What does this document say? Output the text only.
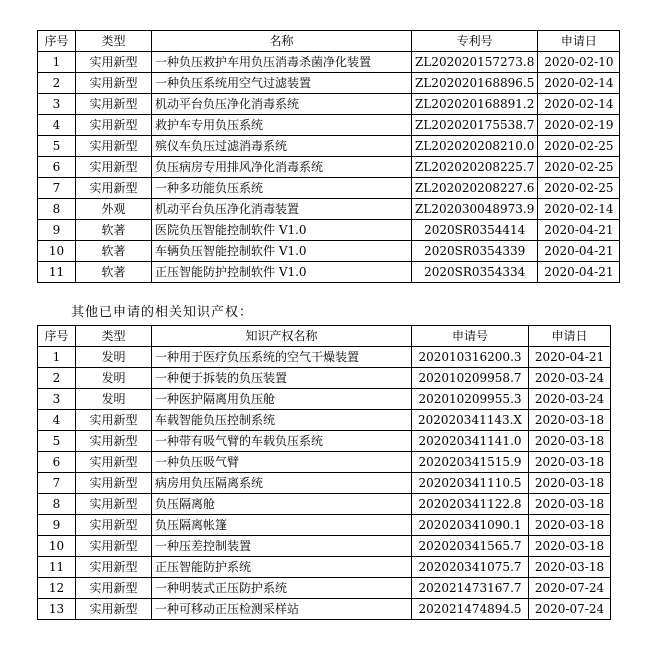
序号	类型	名称	专利号	申请日
1	实用新型	一种负压救护车用负压消毒杀菌净化装置	ZL202020157273.8	2020-02-10
2	实用新型	一种负压系统用空气过滤装置	ZL202020168896.5	2020-02-14
3	实用新型	机动平台负压净化消毒系统	ZL202020168891.2	2020-02-14
4	实用新型	救护车专用负压系统	ZL202020175538.7	2020-02-19
5	实用新型	殡仪车负压过滤消毒系统	ZL202020208210.0	2020-02-25
6	实用新型	负压病房专用排风净化消毒系统	ZL202020208225.7	2020-02-25
7	实用新型	一种多功能负压系统	ZL202020208227.6	2020-02-25
8	外观	机动平台负压净化消毒装置	ZL202030048973.9	2020-02-14
9	软著	医院负压智能控制软件 V1.0	2020SR0354414	2020-04-21
10	软著	车辆负压智能控制软件 V1.0	2020SR0354339	2020-04-21
11	软著	正压智能防护控制软件 V1.0	2020SR0354334	2020-04-21
其他已申请的相关知识产权：
序号	类型	知识产权名称	申请号	申请日
1	发明	一种用于医疗负压系统的空气干燥装置	202010316200.3	2020-04-21
2	发明	一种便于拆装的负压装置	202010209958.7	2020-03-24
3	发明	一种医护隔离用负压舱	202010209955.3	2020-03-24
4	实用新型	车载智能负压控制系统	202020341143.X	2020-03-18
5	实用新型	一种带有吸气臂的车载负压系统	202020341141.0	2020-03-18
6	实用新型	一种负压吸气臂	202020341515.9	2020-03-18
7	实用新型	病房用负压隔离系统	202020341110.5	2020-03-18
8	实用新型	负压隔离舱	202020341122.8	2020-03-18
9	实用新型	负压隔离帐篷	202020341090.1	2020-03-18
10	实用新型	一种压差控制装置	202020341565.7	2020-03-18
11	实用新型	正压智能防护系统	202020341075.7	2020-03-18
12	实用新型	一种明装式正压防护系统	202021473167.7	2020-07-24
13	实用新型	一种可移动正压检测采样站	202021474894.5	2020-07-24
